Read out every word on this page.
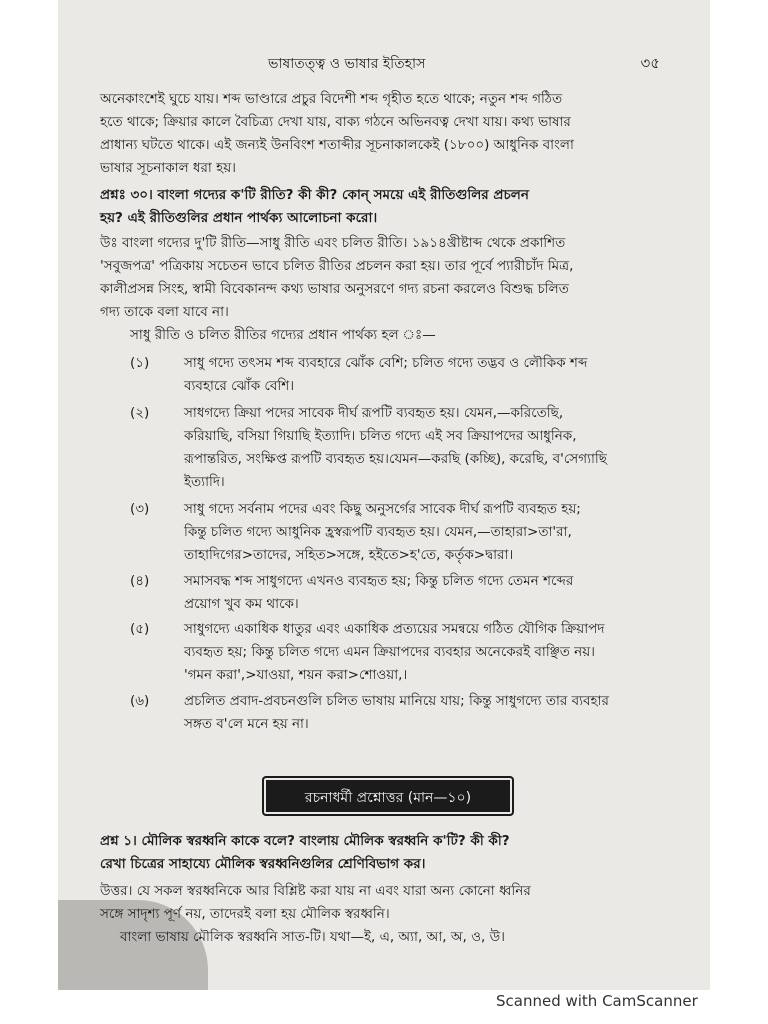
ভাষাতত্ত্ব ও ভাষার ইতিহাস	৩৫
অনেকাংশেই ঘুচে যায়। শব্দ ভাণ্ডারে প্রচুর বিদেশী শব্দ গৃহীত হতে থাকে; নতুন শব্দ গঠিত
হতে থাকে; ক্রিয়ার কালে বৈচিত্র্য দেখা যায়, বাক্য গঠনে অভিনবত্ব দেখা যায়। কথ্য ভাষার
প্রাধান্য ঘটতে থাকে। এই জন্যই উনবিংশ শতাব্দীর সূচনাকালকেই (১৮০০) আধুনিক বাংলা
ভাষার সূচনাকাল ধরা হয়।
প্রশ্নঃ ৩০। বাংলা গদ্যের ক'টি রীতি? কী কী? কোন্ সময়ে এই রীতিগুলির প্রচলন
হয়? এই রীতিগুলির প্রধান পার্থক্য আলোচনা করো।
উঃ বাংলা গদ্যের দু'টি রীতি—সাধু রীতি এবং চলিত রীতি। ১৯১৪খ্রীষ্টাব্দ থেকে প্রকাশিত
'সবুজপত্র' পত্রিকায় সচেতন ভাবে চলিত রীতির প্রচলন করা হয়। তার পূর্বে প্যারীচাঁদ মিত্র,
কালীপ্রসন্ন সিংহ, স্বামী বিবেকানন্দ কথ্য ভাষার অনুসরণে গদ্য রচনা করলেও বিশুদ্ধ চলিত
গদ্য তাকে বলা যাবে না।
সাধু রীতি ও চলিত রীতির গদ্যের প্রধান পার্থক্য হল ঃ—
(১)	সাধু গদ্যে তৎসম শব্দ ব্যবহারে ঝোঁক বেশি; চলিত গদ্যে তদ্ভব ও লৌকিক শব্দ
ব্যবহারে ঝোঁক বেশি।
(২)	সাধগদ্যে ক্রিয়া পদের সাবেক দীর্ঘ রূপটি ব্যবহৃত হয়। যেমন,—করিতেছি,
করিয়াছি, বসিয়া গিয়াছি ইত্যাদি। চলিত গদ্যে এই সব ক্রিয়াপদের আধুনিক,
রূপান্তরিত, সংক্ষিপ্ত রূপটি ব্যবহৃত হয়।যেমন—করছি (কচ্ছি), করেছি, ব'সেগ্যাছি
ইত্যাদি।
(৩)	সাধু গদ্যে সর্বনাম পদের এবং কিছু অনুসর্গের সাবেক দীর্ঘ রূপটি ব্যবহৃত হয়;
কিন্তু চলিত গদ্যে আধুনিক হ্রস্বরূপটি ব্যবহৃত হয়। যেমন,—তাহারা>তা'রা,
তাহাদিগের>তাদের, সহিত>সঙ্গে, হইতে>হ'তে, কর্তৃক>দ্বারা।
(৪)	সমাসবদ্ধ শব্দ সাধুগদ্যে এখনও ব্যবহৃত হয়; কিন্তু চলিত গদ্যে তেমন শব্দের
প্রয়োগ খুব কম থাকে।
(৫)	সাধুগদ্যে একাধিক ধাতুর এবং একাধিক প্রত্যয়ের সমন্বয়ে গঠিত যৌগিক ক্রিয়াপদ
ব্যবহৃত হয়; কিন্তু চলিত গদ্যে এমন ক্রিয়াপদের ব্যবহার অনেকেরই বাঞ্ছিত নয়।
'গমন করা',>যাওয়া, শয়ন করা>শোওয়া,।
(৬)	প্রচলিত প্রবাদ-প্রবচনগুলি চলিত ভাষায় মানিয়ে যায়; কিন্তু সাধুগদ্যে তার ব্যবহার
সঙ্গত ব'লে মনে হয় না।
রচনাধর্মী প্রশ্নোত্তর (মান—১০)
প্রশ্ন ১। মৌলিক স্বরধ্বনি কাকে বলে? বাংলায় মৌলিক স্বরধ্বনি ক'টি? কী কী?
রেখা চিত্রের সাহায্যে মৌলিক স্বরধ্বনিগুলির শ্রেণিবিভাগ কর।
উত্তর। যে সকল স্বরধ্বনিকে আর বিশ্লিষ্ট করা যায় না এবং যারা অন্য কোনো ধ্বনির
সঙ্গে সাদৃশ্য পূর্ণ নয়, তাদেরই বলা হয় মৌলিক স্বরধ্বনি।
বাংলা ভাষায় মৌলিক স্বরধ্বনি সাত-টি। যথা—ই, এ, অ্যা, আ, অ, ও, উ।
Scanned with CamScanner
